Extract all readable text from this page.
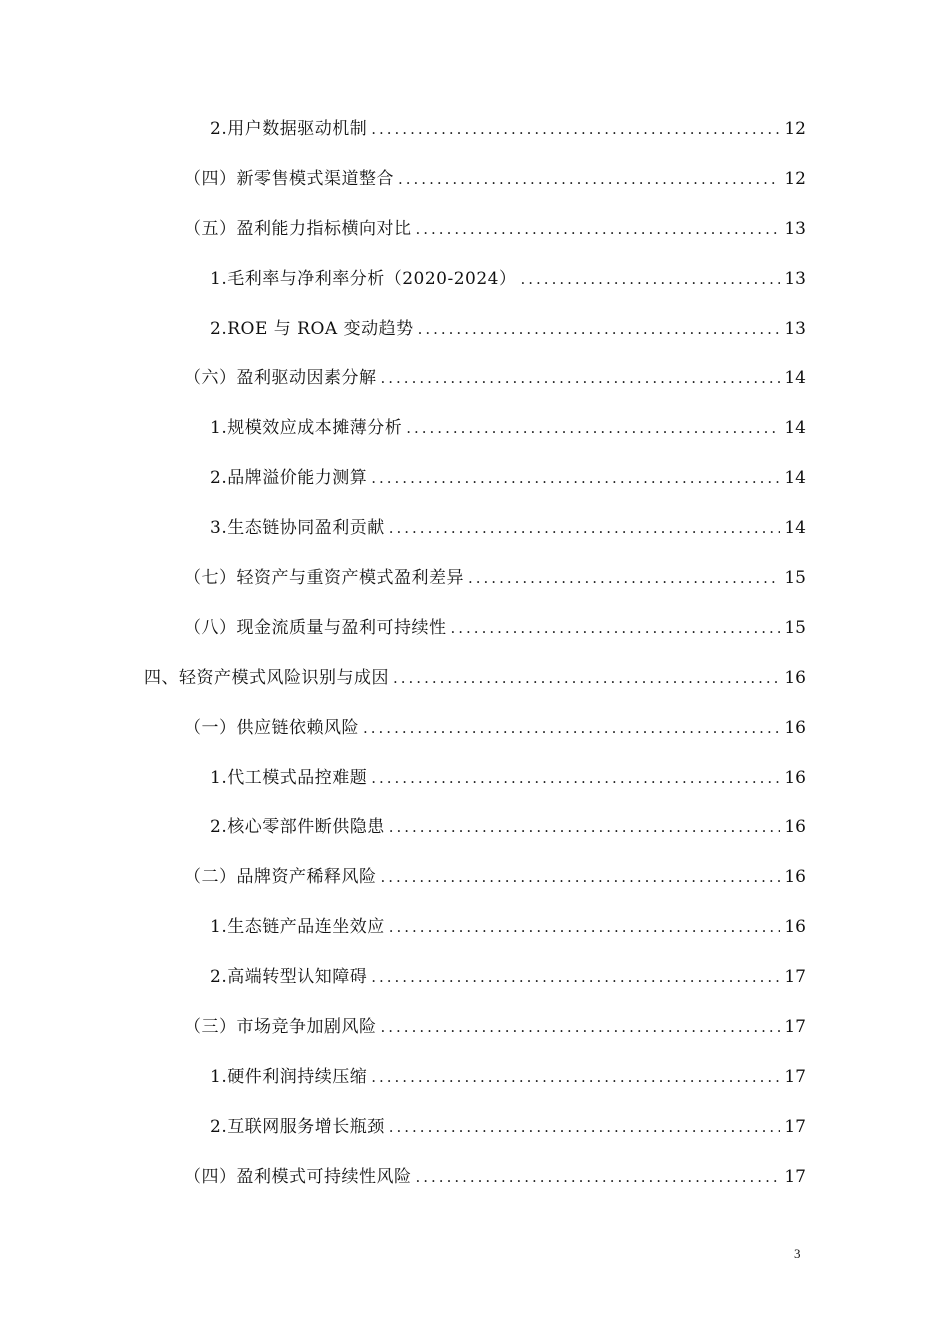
2.用户数据驱动机制 .....	12
（四）新零售模式渠道整合 .....	12
（五）盈利能力指标横向对比 .....	13
1.毛利率与净利率分析（2020-2024） .....	13
2.ROE 与 ROA 变动趋势 .....	13
（六）盈利驱动因素分解 .....	14
1.规模效应成本摊薄分析 .....	14
2.品牌溢价能力测算 .....	14
3.生态链协同盈利贡献 .....	14
（七）轻资产与重资产模式盈利差异 .....	15
（八）现金流质量与盈利可持续性 .....	15
四、轻资产模式风险识别与成因 .....	16
（一）供应链依赖风险 .....	16
1.代工模式品控难题 .....	16
2.核心零部件断供隐患 .....	16
（二）品牌资产稀释风险 .....	16
1.生态链产品连坐效应 .....	16
2.高端转型认知障碍 .....	17
（三）市场竞争加剧风险 .....	17
1.硬件利润持续压缩 .....	17
2.互联网服务增长瓶颈 .....	17
（四）盈利模式可持续性风险 .....	17
3
